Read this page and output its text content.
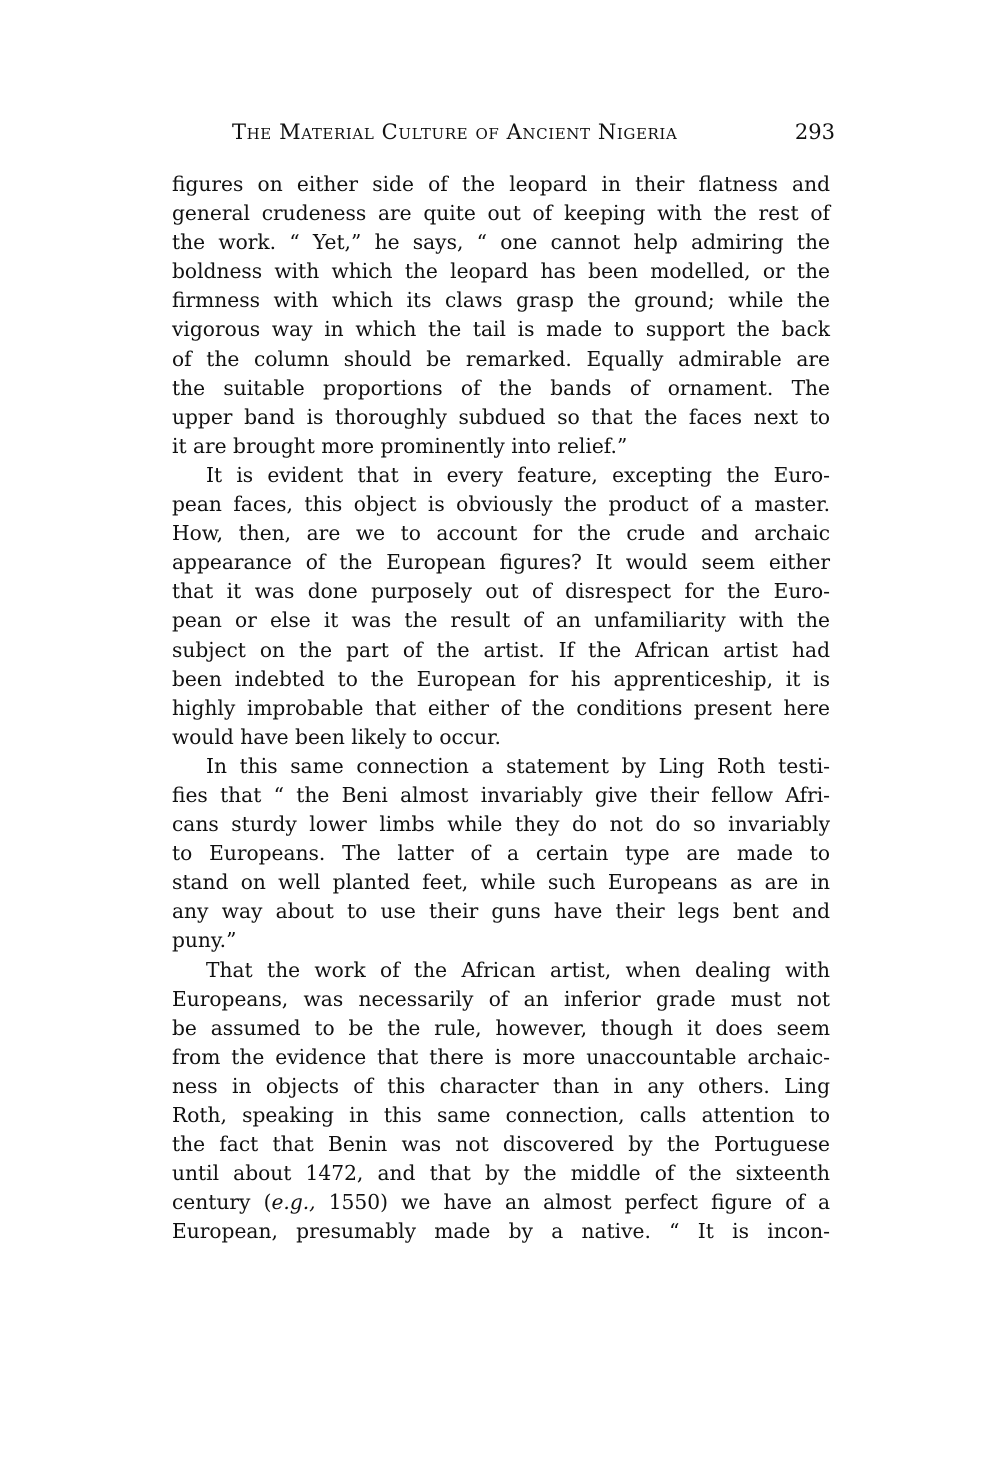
The Material Culture of Ancient Nigeria	293
figures on either side of the leopard in their flatness and
general crudeness are quite out of keeping with the rest of
the work. “ Yet,” he says, “ one cannot help admiring the
boldness with which the leopard has been modelled, or the
firmness with which its claws grasp the ground; while the
vigorous way in which the tail is made to support the back
of the column should be remarked. Equally admirable are
the suitable proportions of the bands of ornament. The
upper band is thoroughly subdued so that the faces next to
it are brought more prominently into relief.”
It is evident that in every feature, excepting the Euro-
pean faces, this object is obviously the product of a master.
How, then, are we to account for the crude and archaic
appearance of the European figures? It would seem either
that it was done purposely out of disrespect for the Euro-
pean or else it was the result of an unfamiliarity with the
subject on the part of the artist. If the African artist had
been indebted to the European for his apprenticeship, it is
highly improbable that either of the conditions present here
would have been likely to occur.
In this same connection a statement by Ling Roth testi-
fies that “ the Beni almost invariably give their fellow Afri-
cans sturdy lower limbs while they do not do so invariably
to Europeans. The latter of a certain type are made to
stand on well planted feet, while such Europeans as are in
any way about to use their guns have their legs bent and
puny.”
That the work of the African artist, when dealing with
Europeans, was necessarily of an inferior grade must not
be assumed to be the rule, however, though it does seem
from the evidence that there is more unaccountable archaic-
ness in objects of this character than in any others. Ling
Roth, speaking in this same connection, calls attention to
the fact that Benin was not discovered by the Portuguese
until about 1472, and that by the middle of the sixteenth
century (e.g., 1550) we have an almost perfect figure of a
European, presumably made by a native. “ It is incon-
